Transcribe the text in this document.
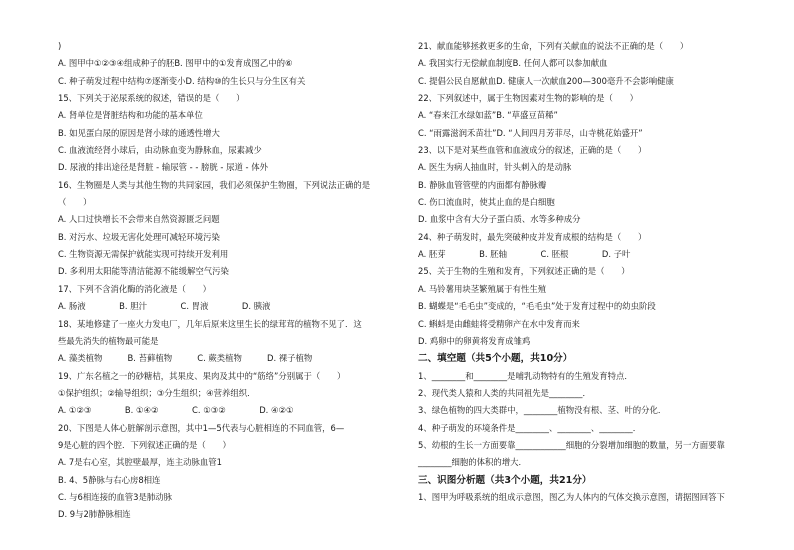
)
A. 图甲中①②③④组成种子的胚B. 图甲中的①发育成图乙中的⑥
C. 种子萌发过程中结构⑦逐渐变小D. 结构⑩的生长只与分生区有关
15、下列关于泌尿系统的叙述，错误的是（　　）
A. 肾单位是肾脏结构和功能的基本单位
B. 如见蛋白尿的原因是肾小球的通透性增大
C. 血液流经肾小球后，由动脉血变为静脉血，尿素减少
D. 尿液的排出途径是肾脏 - 输尿管 - - 膀胱 - 尿道 - 体外
16、生物圈是人类与其他生物的共同家园，我们必须保护生物圈，下列说法正确的是
（　　）
A. 人口过快增长不会带来自然资源匮乏问题
B. 对污水、垃圾无害化处理可减轻环境污染
C. 生物资源无需保护就能实现可持续开发利用
D. 多利用太阳能等清洁能源不能缓解空气污染
17、下列不含消化酶的消化液是（　　）
A. 肠液　　　　B. 胆汁　　　　C. 胃液　　　　D. 胰液
18、某地修建了一座火力发电厂，几年后原来这里生长的绿茸茸的植物不见了．这
些最先消失的植物最可能是
A. 藻类植物　　　B. 苔藓植物　　　C. 蕨类植物　　　D. 裸子植物
19、广东名植之一的砂糖桔，其果皮、果肉及其中的“筋络”分别属于（　　）
①保护组织；②输导组织；③分生组织；④营养组织．
A. ①②③　　　　B. ①④②　　　　C. ①③②　　　　D. ④②①
20、下图是人体心脏解剖示意图，其中1—5代表与心脏相连的不同血管，6—
9是心脏的四个腔．下列叙述正确的是（　　）
A. 7是右心室，其腔壁最厚，连主动脉血管1
B. 4、5静脉与右心房8相连
C. 与6相连接的血管3是肺动脉
D. 9与2肺静脉相连
21、献血能够拯救更多的生命，下列有关献血的说法不正确的是（　　）
A. 我国实行无偿献血制度B. 任何人都可以参加献血
C. 提倡公民自愿献血D. 健康人一次献血200—300毫升不会影响健康
22、下列叙述中，属于生物因素对生物的影响的是（　　）
A. “春来江水绿如蓝”B. “草盛豆苗稀”
C. “雨露滋润禾苗壮”D. “人间四月芳菲尽，山寺桃花始盛开”
23、以下是对某些血管和血液成分的叙述，正确的是（　　）
A. 医生为病人抽血时，针头刺入的是动脉
B. 静脉血管管壁的内面都有静脉瓣
C. 伤口流血时，使其止血的是白细胞
D. 血浆中含有大分子蛋白质、水等多种成分
24、种子萌发时，最先突破种皮并发育成根的结构是（　　）
A. 胚芽　　　　B. 胚轴　　　　C. 胚根　　　　D. 子叶
25、关于生物的生殖和发育，下列叙述正确的是（　　）
A. 马铃薯用块茎繁殖属于有性生殖
B. 蝴蝶是“毛毛虫”变成的，“毛毛虫”处于发育过程中的幼虫阶段
C. 蝌蚪是由雌蛙将受精卵产在水中发育而来
D. 鸡卵中的卵黄将发育成雏鸡
二、填空题（共5个小题，共10分）
1、________和________是哺乳动物特有的生殖发育特点．
2、现代类人猿和人类的共同祖先是________．
3、绿色植物的四大类群中，________植物没有根、茎、叶的分化．
4、种子萌发的环境条件是________、________、________．
5、幼根的生长一方面要靠____________细胞的分裂增加细胞的数量，另一方面要靠
________细胞的体积的增大．
三、识图分析题（共3个小题，共21分）
1、图甲为呼吸系统的组成示意图，图乙为人体内的气体交换示意图，请据图回答下
